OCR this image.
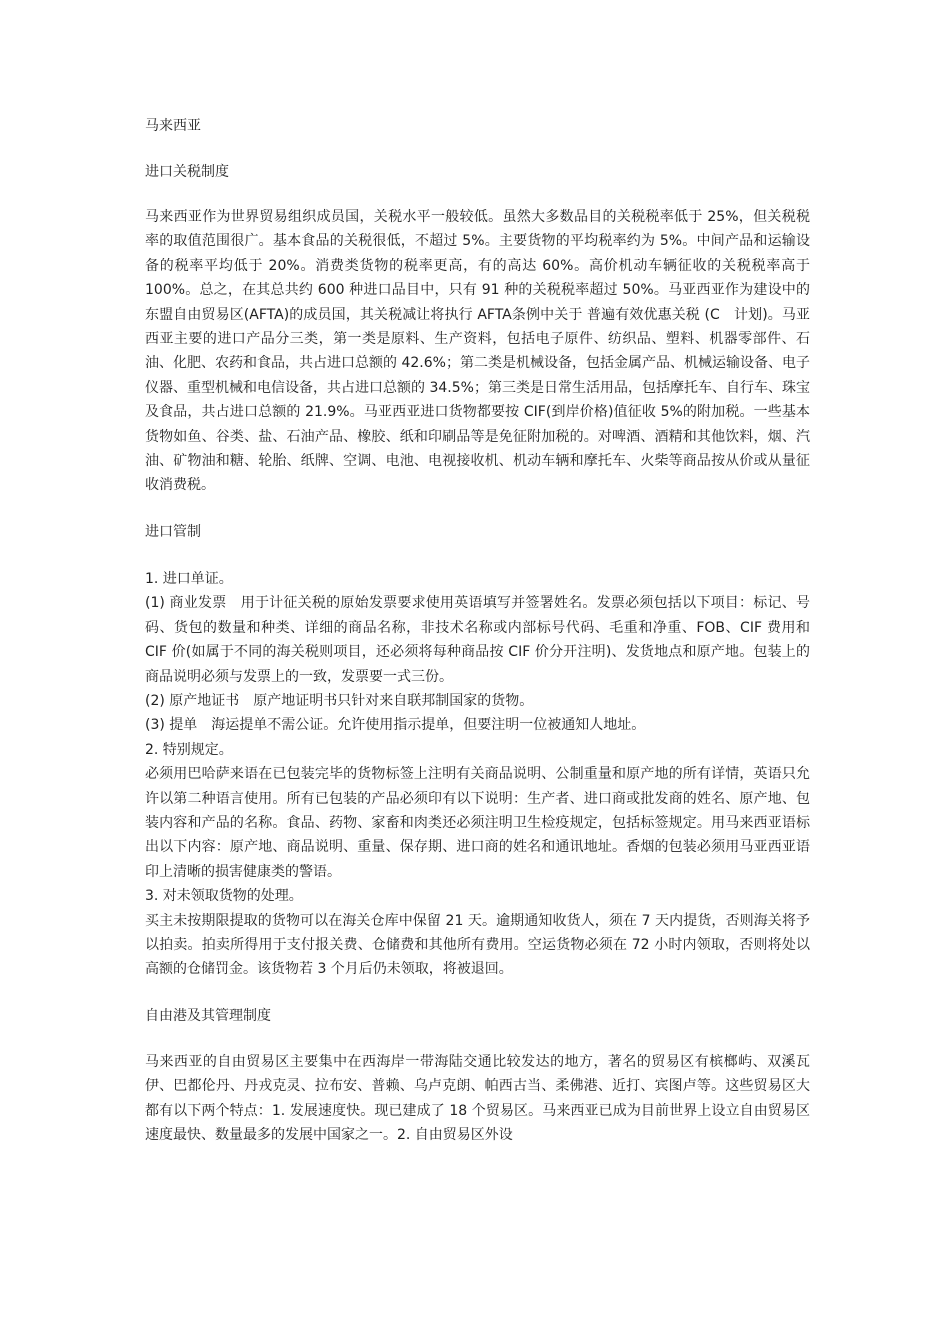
马来西亚

进口关税制度

马来西亚作为世界贸易组织成员国，关税水平一般较低。虽然大多数品目的关税税率低于 25%，但关税税率的取值范围很广。基本食品的关税很低，不超过 5%。主要货物的平均税率约为 5%。中间产品和运输设备的税率平均低于 20%。消费类货物的税率更高，有的高达 60%。高价机动车辆征收的关税税率高于 100%。总之，在其总共约 600 种进口品目中，只有 91 种的关税税率超过 50%。马亚西亚作为建设中的东盟自由贸易区(AFTA)的成员国，其关税减让将执行 AFTA条例中关于 普遍有效优惠关税 (C　计划)。马亚西亚主要的进口产品分三类，第一类是原料、生产资料，包括电子原件、纺织品、塑料、机器零部件、石油、化肥、农药和食品，共占进口总额的 42.6%；第二类是机械设备，包括金属产品、机械运输设备、电子仪器、重型机械和电信设备，共占进口总额的 34.5%；第三类是日常生活用品，包括摩托车、自行车、珠宝及食品，共占进口总额的 21.9%。马亚西亚进口货物都要按 CIF(到岸价格)值征收 5%的附加税。一些基本货物如鱼、谷类、盐、石油产品、橡胶、纸和印刷品等是免征附加税的。对啤酒、酒精和其他饮料，烟、汽油、矿物油和糖、轮胎、纸牌、空调、电池、电视接收机、机动车辆和摩托车、火柴等商品按从价或从量征收消费税。

进口管制

1. 进口单证。
(1) 商业发票　用于计征关税的原始发票要求使用英语填写并签署姓名。发票必须包括以下项目：标记、号码、货包的数量和种类、详细的商品名称，非技术名称或内部标号代码、毛重和净重、FOB、CIF 费用和 CIF 价(如属于不同的海关税则项目，还必须将每种商品按 CIF 价分开注明)、发货地点和原产地。包装上的商品说明必须与发票上的一致，发票要一式三份。
(2) 原产地证书　原产地证明书只针对来自联邦制国家的货物。
(3) 提单　海运提单不需公证。允许使用指示提单，但要注明一位被通知人地址。
2. 特别规定。
必须用巴哈萨来语在已包装完毕的货物标签上注明有关商品说明、公制重量和原产地的所有详情，英语只允许以第二种语言使用。所有已包装的产品必须印有以下说明：生产者、进口商或批发商的姓名、原产地、包装内容和产品的名称。食品、药物、家畜和肉类还必须注明卫生检疫规定，包括标签规定。用马来西亚语标出以下内容：原产地、商品说明、重量、保存期、进口商的姓名和通讯地址。香烟的包装必须用马亚西亚语印上清晰的损害健康类的警语。
3. 对未领取货物的处理。
买主未按期限提取的货物可以在海关仓库中保留 21 天。逾期通知收货人，须在 7 天内提货，否则海关将予以拍卖。拍卖所得用于支付报关费、仓储费和其他所有费用。空运货物必须在 72 小时内领取，否则将处以高额的仓储罚金。该货物若 3 个月后仍未领取，将被退回。

自由港及其管理制度

马来西亚的自由贸易区主要集中在西海岸一带海陆交通比较发达的地方，著名的贸易区有槟榔屿、双溪瓦伊、巴都伦丹、丹戎克灵、拉布安、普赖、乌卢克朗、帕西古当、柔佛港、近打、宾图卢等。这些贸易区大都有以下两个特点：1. 发展速度快。现已建成了 18 个贸易区。马来西亚已成为目前世界上设立自由贸易区速度最快、数量最多的发展中国家之一。2. 自由贸易区外设
